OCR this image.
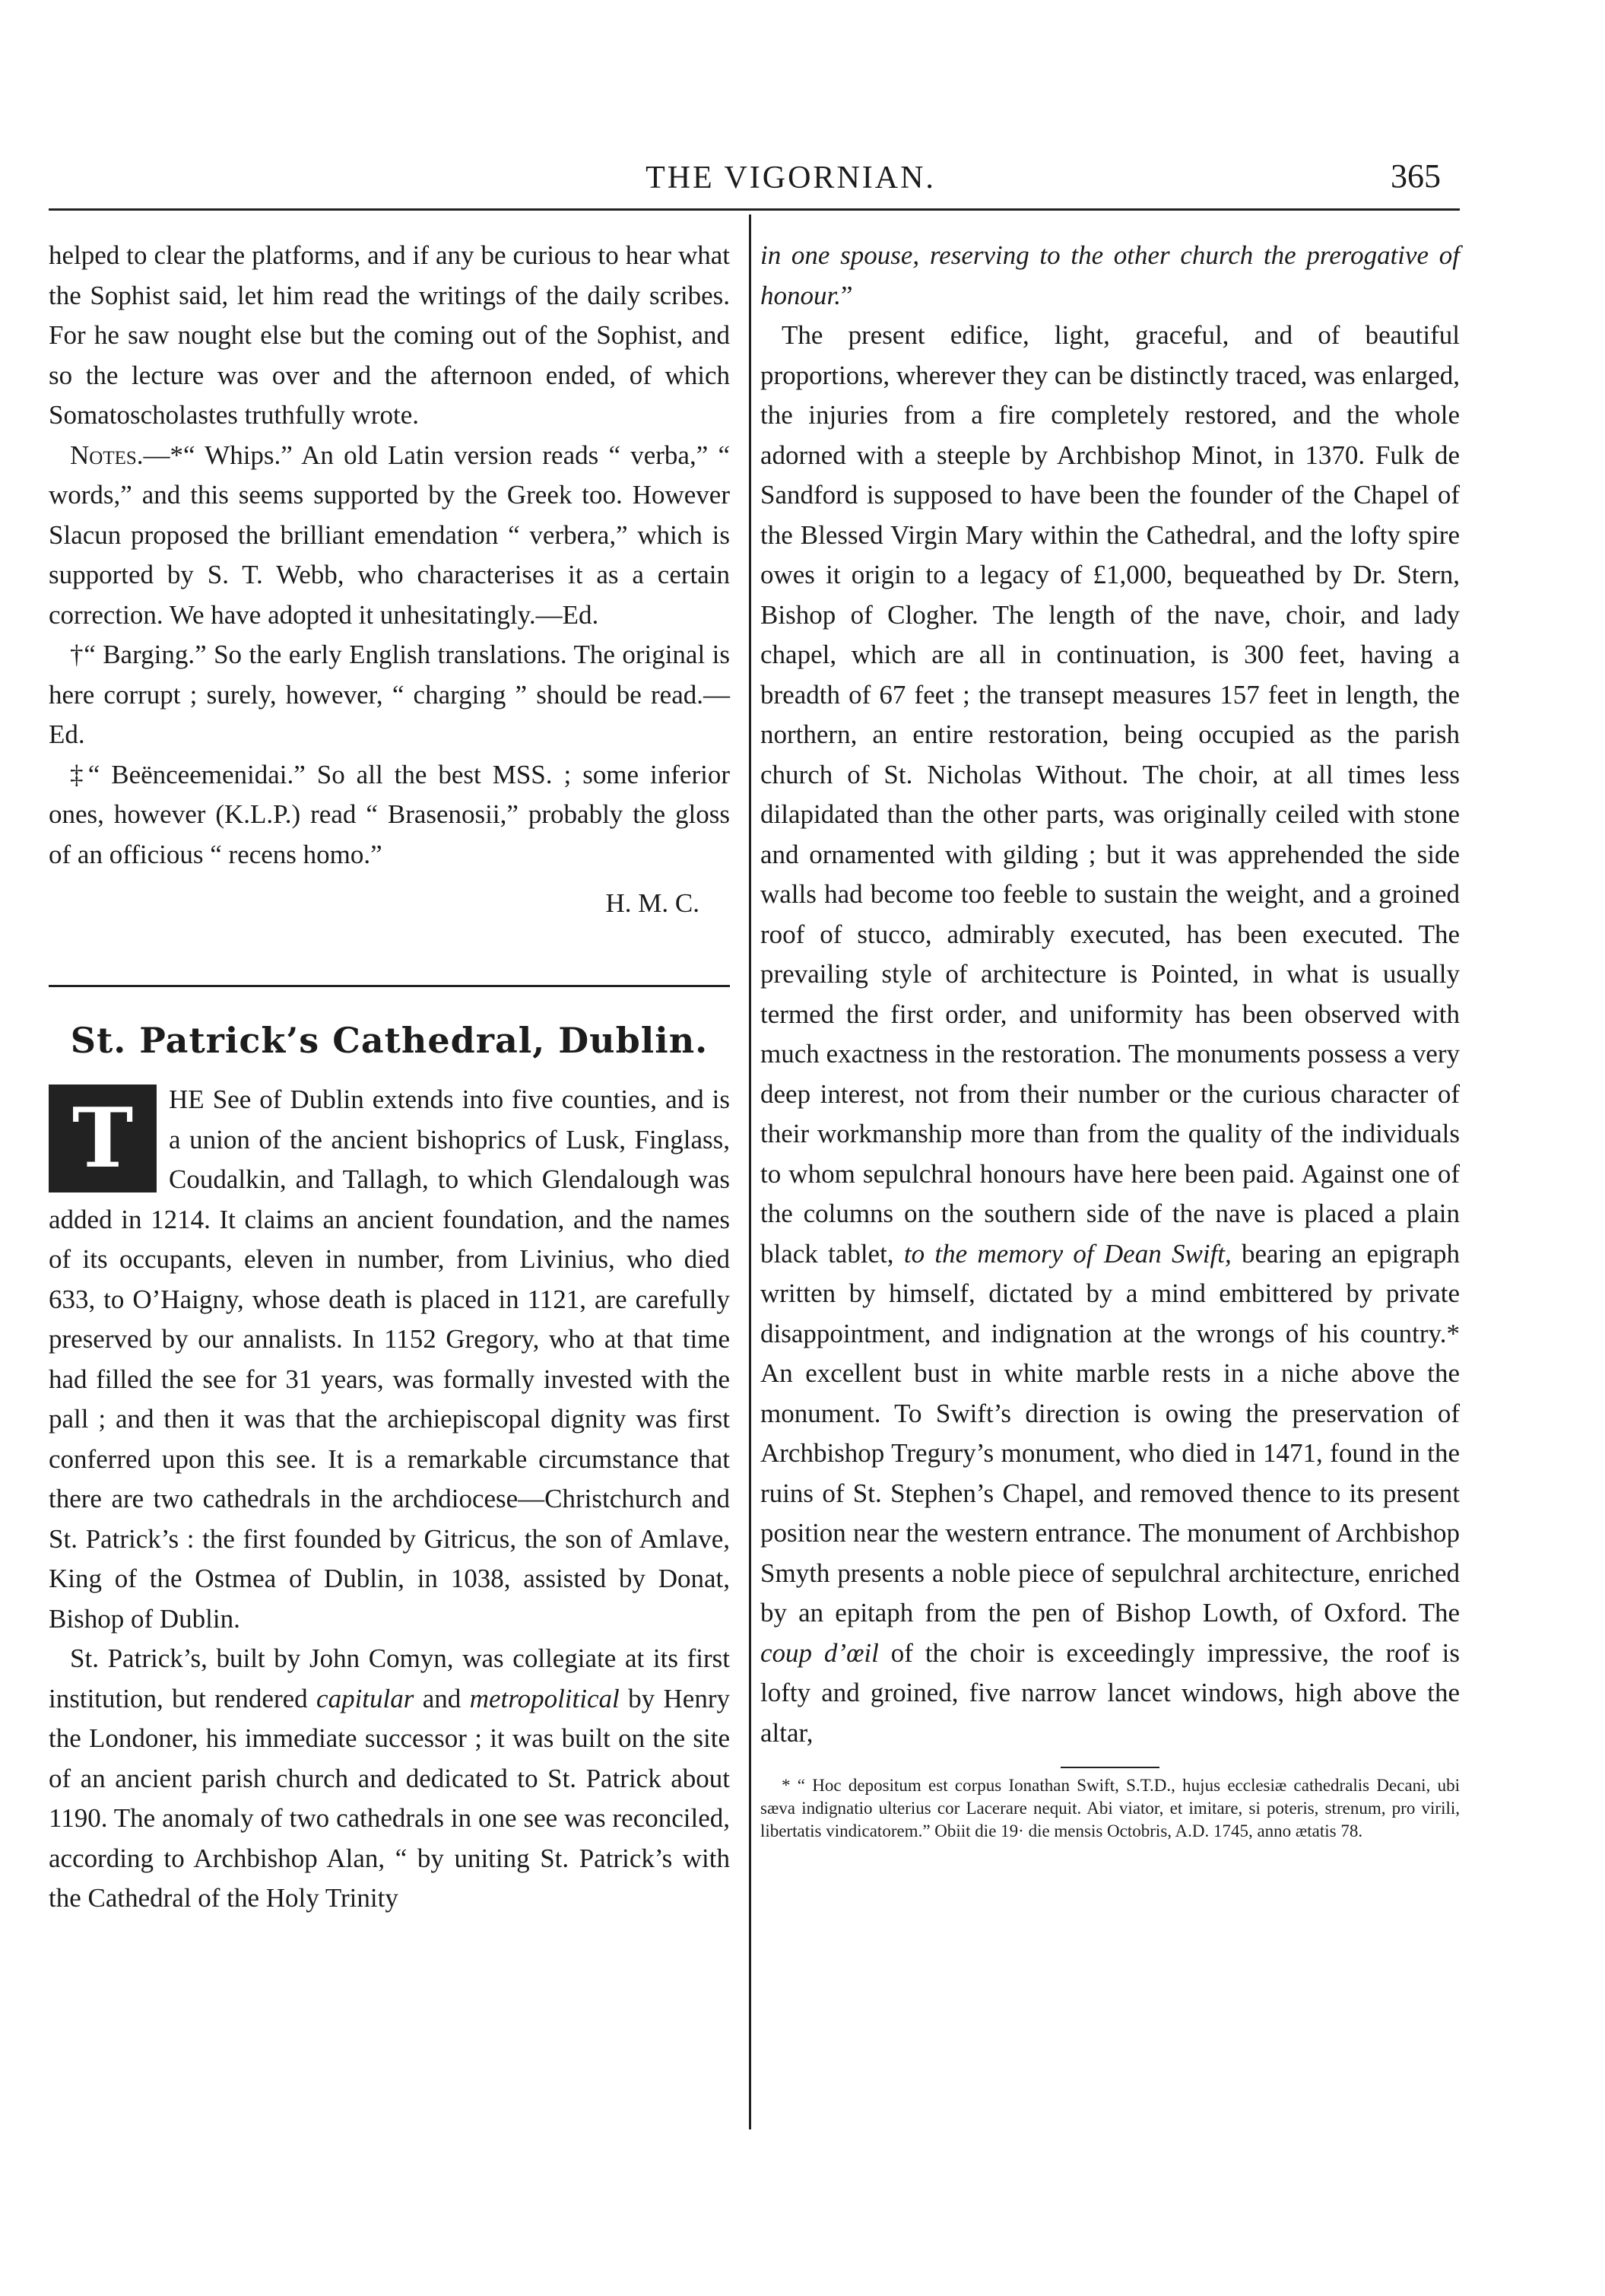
THE VIGORNIAN.	365

helped to clear the platforms, and if any be curious to hear what the Sophist said, let him read the writings of the daily scribes. For he saw nought else but the coming out of the Sophist, and so the lecture was over and the afternoon ended, of which Somatoscholastes truthfully wrote.

Notes.—*“ Whips.” An old Latin version reads “ verba,” “ words,” and this seems supported by the Greek too. However Slacun proposed the brilliant emendation “ verbera,” which is supported by S. T. Webb, who characterises it as a certain correction. We have adopted it unhesitatingly.—Ed.

†“ Barging.” So the early English translations. The original is here corrupt ; surely, however, “ charging ” should be read.—Ed.

‡“ Beënceemenidai.” So all the best MSS. ; some inferior ones, however (K.L.P.) read “ Brasenosii,” probably the gloss of an officious “ recens homo.”

H. M. C.

St. Patrick’s Cathedral, Dublin.

T	HE See of Dublin extends into five counties, and is a union of the ancient bishoprics of Lusk, Finglass, Coudalkin, and Tallagh, to which Glendalough was added in 1214. It claims an ancient foundation, and the names of its occupants, eleven in number, from Livinius, who died 633, to O’Haigny, whose death is placed in 1121, are carefully preserved by our annalists. In 1152 Gregory, who at that time had filled the see for 31 years, was formally invested with the pall ; and then it was that the archiepiscopal dignity was first conferred upon this see. It is a remarkable circumstance that there are two cathedrals in the archdiocese—Christchurch and St. Patrick’s : the first founded by Gitricus, the son of Amlave, King of the Ostmea of Dublin, in 1038, assisted by Donat, Bishop of Dublin.

St. Patrick’s, built by John Comyn, was collegiate at its first institution, but rendered capitular and metropolitical by Henry the Londoner, his immediate successor ; it was built on the site of an ancient parish church and dedicated to St. Patrick about 1190. The anomaly of two cathedrals in one see was reconciled, according to Archbishop Alan, “ by uniting St. Patrick’s with the Cathedral of the Holy Trinity

in one spouse, reserving to the other church the prerogative of honour.”

The present edifice, light, graceful, and of beautiful proportions, wherever they can be distinctly traced, was enlarged, the injuries from a fire completely restored, and the whole adorned with a steeple by Archbishop Minot, in 1370. Fulk de Sandford is supposed to have been the founder of the Chapel of the Blessed Virgin Mary within the Cathedral, and the lofty spire owes it origin to a legacy of £1,000, bequeathed by Dr. Stern, Bishop of Clogher. The length of the nave, choir, and lady chapel, which are all in continuation, is 300 feet, having a breadth of 67 feet ; the transept measures 157 feet in length, the northern, an entire restoration, being occupied as the parish church of St. Nicholas Without. The choir, at all times less dilapidated than the other parts, was originally ceiled with stone and ornamented with gilding ; but it was apprehended the side walls had become too feeble to sustain the weight, and a groined roof of stucco, admirably executed, has been executed. The prevailing style of architecture is Pointed, in what is usually termed the first order, and uniformity has been observed with much exactness in the restoration. The monuments possess a very deep interest, not from their number or the curious character of their workmanship more than from the quality of the individuals to whom sepulchral honours have here been paid. Against one of the columns on the southern side of the nave is placed a plain black tablet, to the memory of Dean Swift, bearing an epigraph written by himself, dictated by a mind embittered by private disappointment, and indignation at the wrongs of his country.* An excellent bust in white marble rests in a niche above the monument. To Swift’s direction is owing the preservation of Archbishop Tregury’s monument, who died in 1471, found in the ruins of St. Stephen’s Chapel, and removed thence to its present position near the western entrance. The monument of Archbishop Smyth presents a noble piece of sepulchral architecture, enriched by an epitaph from the pen of Bishop Lowth, of Oxford. The coup d’œil of the choir is exceedingly impressive, the roof is lofty and groined, five narrow lancet windows, high above the altar,

* “ Hoc depositum est corpus Ionathan Swift, S.T.D., hujus ecclesiæ cathedralis Decani, ubi sæva indignatio ulterius cor Lacerare nequit. Abi viator, et imitare, si poteris, strenum, pro virili, libertatis vindicatorem.” Obiit die 19· die mensis Octobris, A.D. 1745, anno ætatis 78.
